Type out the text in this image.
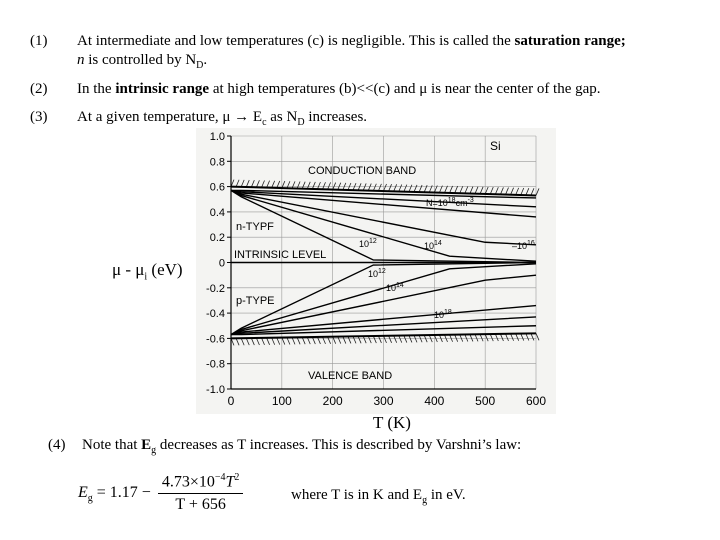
(1) At intermediate and low temperatures (c) is negligible. This is called the saturation range;
n is controlled by $N_D$.
(2) In the intrinsic range at high temperatures (b)<<(c) and μ is near the center of the gap.
(3) At a given temperature, $\mu \to E_c$ as $N_D$ increases.
0	100	200	300	400	500	600
1.0
0.8
0.6
0.4
0.2
0
-0.2
-0.4
-0.6
-0.8
-1.0
Si
CONDUCTION BAND
VALENCE BAND
INTRINSIC LEVEL
n-TYPF
p-TYPE
$N=10^{18}cm^{-3}$
$10^{12}$	$10^{14}$	$-10^{16}$
$10^{12}$
$10^{14}$
$10^{18}$
μ - $\mu_i$ (eV)
T (K)
(4) Note that $E_g$ decreases as T increases. This is described by Varshni’s law:
$E_g = 1.17 - \frac{4.73\times 10^{-4}T^2}{T + 656}$	where T is in K and $E_g$ in eV.
